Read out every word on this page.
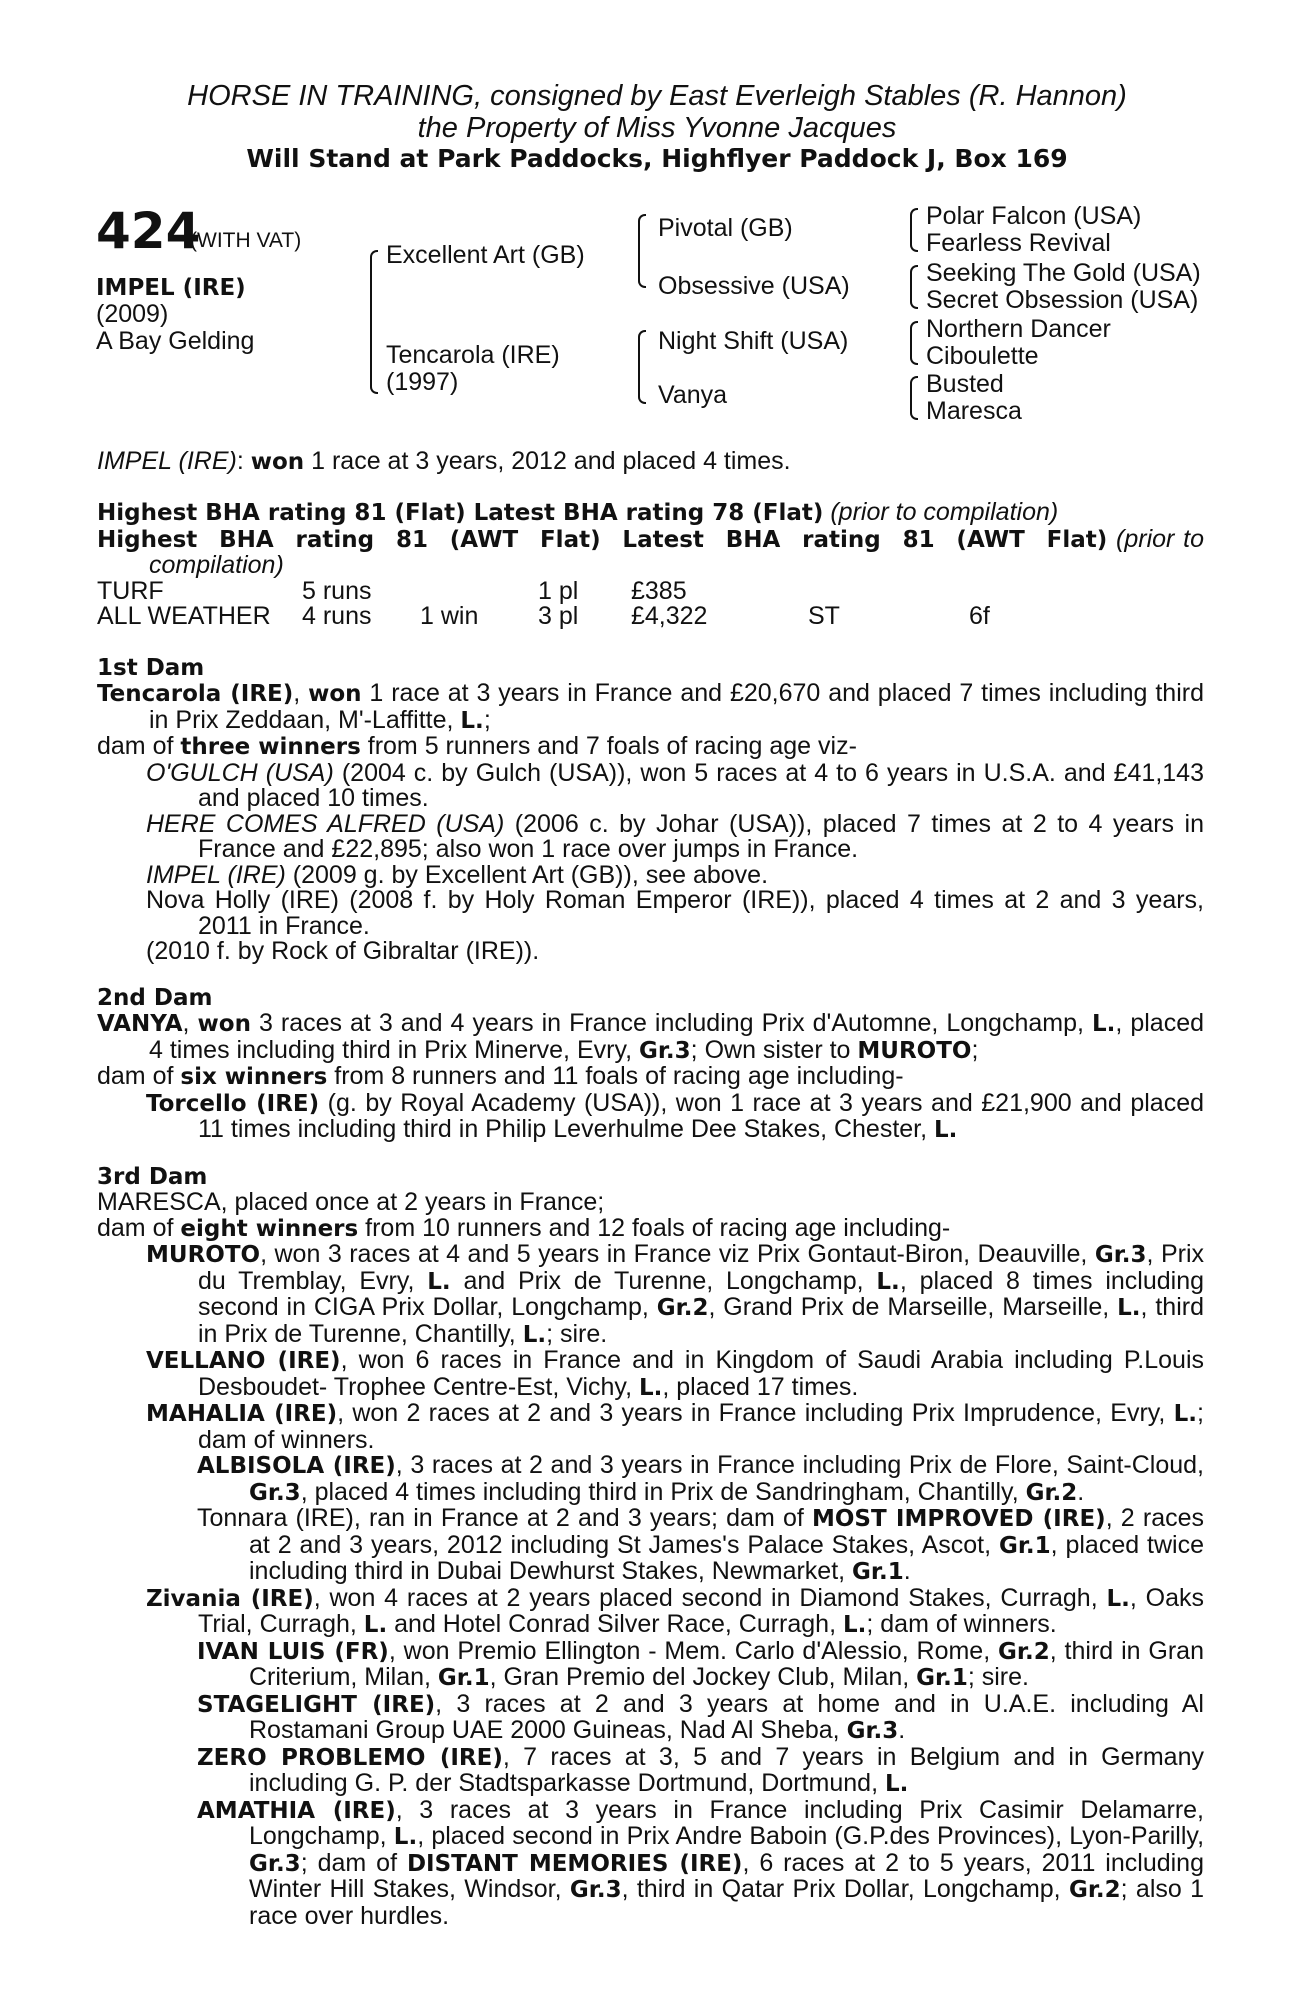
HORSE IN TRAINING, consigned by East Everleigh Stables (R. Hannon)
the Property of Miss Yvonne Jacques
Will Stand at Park Paddocks, Highflyer Paddock J, Box 169
424
(WITH VAT)
IMPEL (IRE)
(2009)
A Bay Gelding
Excellent Art (GB)
Tencarola (IRE)
(1997)
Pivotal (GB)
Obsessive (USA)
Night Shift (USA)
Vanya
Polar Falcon (USA)
Fearless Revival
Seeking The Gold (USA)
Secret Obsession (USA)
Northern Dancer
Ciboulette
Busted
Maresca
IMPEL (IRE): won 1 race at 3 years, 2012 and placed 4 times.
Highest BHA rating 81 (Flat) Latest BHA rating 78 (Flat) (prior to compilation)
Highest BHA rating 81 (AWT Flat) Latest BHA rating 81 (AWT Flat) (prior to compilation)
TURF	5 runs		1 pl	£385		
ALL WEATHER	4 runs	1 win	3 pl	£4,322	ST	6f
1st Dam
Tencarola (IRE), won 1 race at 3 years in France and £20,670 and placed 7 times including third in Prix Zeddaan, M'-Laffitte, L.;
dam of three winners from 5 runners and 7 foals of racing age viz-
O'GULCH (USA) (2004 c. by Gulch (USA)), won 5 races at 4 to 6 years in U.S.A. and £41,143 and placed 10 times.
HERE COMES ALFRED (USA) (2006 c. by Johar (USA)), placed 7 times at 2 to 4 years in France and £22,895; also won 1 race over jumps in France.
IMPEL (IRE) (2009 g. by Excellent Art (GB)), see above.
Nova Holly (IRE) (2008 f. by Holy Roman Emperor (IRE)), placed 4 times at 2 and 3 years, 2011 in France.
(2010 f. by Rock of Gibraltar (IRE)).
2nd Dam
VANYA, won 3 races at 3 and 4 years in France including Prix d'Automne, Longchamp, L., placed 4 times including third in Prix Minerve, Evry, Gr.3; Own sister to MUROTO;
dam of six winners from 8 runners and 11 foals of racing age including-
Torcello (IRE) (g. by Royal Academy (USA)), won 1 race at 3 years and £21,900 and placed 11 times including third in Philip Leverhulme Dee Stakes, Chester, L.
3rd Dam
MARESCA, placed once at 2 years in France;
dam of eight winners from 10 runners and 12 foals of racing age including-
MUROTO, won 3 races at 4 and 5 years in France viz Prix Gontaut-Biron, Deauville, Gr.3, Prix du Tremblay, Evry, L. and Prix de Turenne, Longchamp, L., placed 8 times including second in CIGA Prix Dollar, Longchamp, Gr.2, Grand Prix de Marseille, Marseille, L., third in Prix de Turenne, Chantilly, L.; sire.
VELLANO (IRE), won 6 races in France and in Kingdom of Saudi Arabia including P.Louis Desboudet- Trophee Centre-Est, Vichy, L., placed 17 times.
MAHALIA (IRE), won 2 races at 2 and 3 years in France including Prix Imprudence, Evry, L.; dam of winners.
ALBISOLA (IRE), 3 races at 2 and 3 years in France including Prix de Flore, Saint-Cloud, Gr.3, placed 4 times including third in Prix de Sandringham, Chantilly, Gr.2.
Tonnara (IRE), ran in France at 2 and 3 years; dam of MOST IMPROVED (IRE), 2 races at 2 and 3 years, 2012 including St James's Palace Stakes, Ascot, Gr.1, placed twice including third in Dubai Dewhurst Stakes, Newmarket, Gr.1.
Zivania (IRE), won 4 races at 2 years placed second in Diamond Stakes, Curragh, L., Oaks Trial, Curragh, L. and Hotel Conrad Silver Race, Curragh, L.; dam of winners.
IVAN LUIS (FR), won Premio Ellington - Mem. Carlo d'Alessio, Rome, Gr.2, third in Gran Criterium, Milan, Gr.1, Gran Premio del Jockey Club, Milan, Gr.1; sire.
STAGELIGHT (IRE), 3 races at 2 and 3 years at home and in U.A.E. including Al Rostamani Group UAE 2000 Guineas, Nad Al Sheba, Gr.3.
ZERO PROBLEMO (IRE), 7 races at 3, 5 and 7 years in Belgium and in Germany including G. P. der Stadtsparkasse Dortmund, Dortmund, L.
AMATHIA (IRE), 3 races at 3 years in France including Prix Casimir Delamarre, Longchamp, L., placed second in Prix Andre Baboin (G.P.des Provinces), Lyon-Parilly, Gr.3; dam of DISTANT MEMORIES (IRE), 6 races at 2 to 5 years, 2011 including Winter Hill Stakes, Windsor, Gr.3, third in Qatar Prix Dollar, Longchamp, Gr.2; also 1 race over hurdles.
